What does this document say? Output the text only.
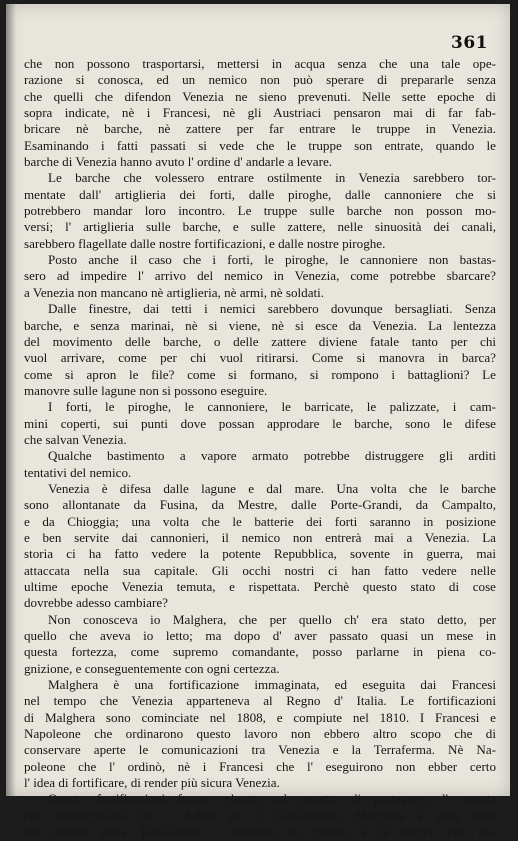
361
che non possono trasportarsi, mettersi in acqua senza che una tale ope-
razione si conosca, ed un nemico non può sperare di prepararle senza
che quelli che difendon Venezia ne sieno prevenuti. Nelle sette epoche di
sopra indicate, nè i Francesi, nè gli Austriaci pensaron mai di far fab-
bricare nè barche, nè zattere per far entrare le truppe in Venezia.
Esaminando i fatti passati si vede che le truppe son entrate, quando le
barche di Venezia hanno avuto l' ordine d' andarle a levare.
Le barche che volessero entrare ostilmente in Venezia sarebbero tor-
mentate dall' artiglieria dei forti, dalle piroghe, dalle cannoniere che si
potrebbero mandar loro incontro. Le truppe sulle barche non posson mo-
versi; l' artiglieria sulle barche, e sulle zattere, nelle sinuosità dei canali,
sarebbero flagellate dalle nostre fortificazioni, e dalle nostre piroghe.
Posto anche il caso che i forti, le piroghe, le cannoniere non bastas-
sero ad impedire l' arrivo del nemico in Venezia, come potrebbe sbarcare?
a Venezia non mancano nè artiglieria, nè armi, nè soldati.
Dalle finestre, dai tetti i nemici sarebbero dovunque bersagliati. Senza
barche, e senza marinai, nè si viene, nè si esce da Venezia. La lentezza
del movimento delle barche, o delle zattere diviene fatale tanto per chi
vuol arrivare, come per chi vuol ritirarsi. Come si manovra in barca?
come si apron le file? come si formano, si rompono i battaglioni? Le
manovre sulle lagune non si possono eseguire.
I forti, le piroghe, le cannoniere, le barricate, le palizzate, i cam-
mini coperti, sui punti dove possan approdare le barche, sono le difese
che salvan Venezia.
Qualche bastimento a vapore armato potrebbe distruggere gli arditi
tentativi del nemico.
Venezia è difesa dalle lagune e dal mare. Una volta che le barche
sono allontanate da Fusina, da Mestre, dalle Porte-Grandi, da Campalto,
e da Chioggia; una volta che le batterie dei forti saranno in posizione
e ben servite dai cannonieri, il nemico non entrerà mai a Venezia. La
storia ci ha fatto vedere la potente Repubblica, sovente in guerra, mai
attaccata nella sua capitale. Gli occhi nostri ci han fatto vedere nelle
ultime epoche Venezia temuta, e rispettata. Perchè questo stato di cose
dovrebbe adesso cambiare?
Non conosceva io Malghera, che per quello ch' era stato detto, per
quello che aveva io letto; ma dopo d' aver passato quasi un mese in
questa fortezza, come supremo comandante, posso parlarne in piena co-
gnizione, e conseguentemente con ogni certezza.
Malghera è una fortificazione immaginata, ed eseguita dai Francesi
nel tempo che Venezia apparteneva al Regno d' Italia. Le fortificazioni
di Malghera sono cominciate nel 1808, e compiute nel 1810. I Francesi e
Napoleone che ordinarono questo lavoro non ebbero altro scopo che di
conservare aperte le comunicazioni tra Venezia e la Terraferma. Nè Na-
poleone che l' ordinò, nè i Francesi che l' eseguirono non ebber certo
l' idea di fortificare, di render più sicura Venezia.
Queste fortificazioni furono elevate ad oggetto di proteggere l' armata
che guerreggiasse tra l' Adige ed il Tagliamento. Malghera è stata fatta
per ritirare dalla Terra-ferma i materiali di guerra, e le truppe che po-
